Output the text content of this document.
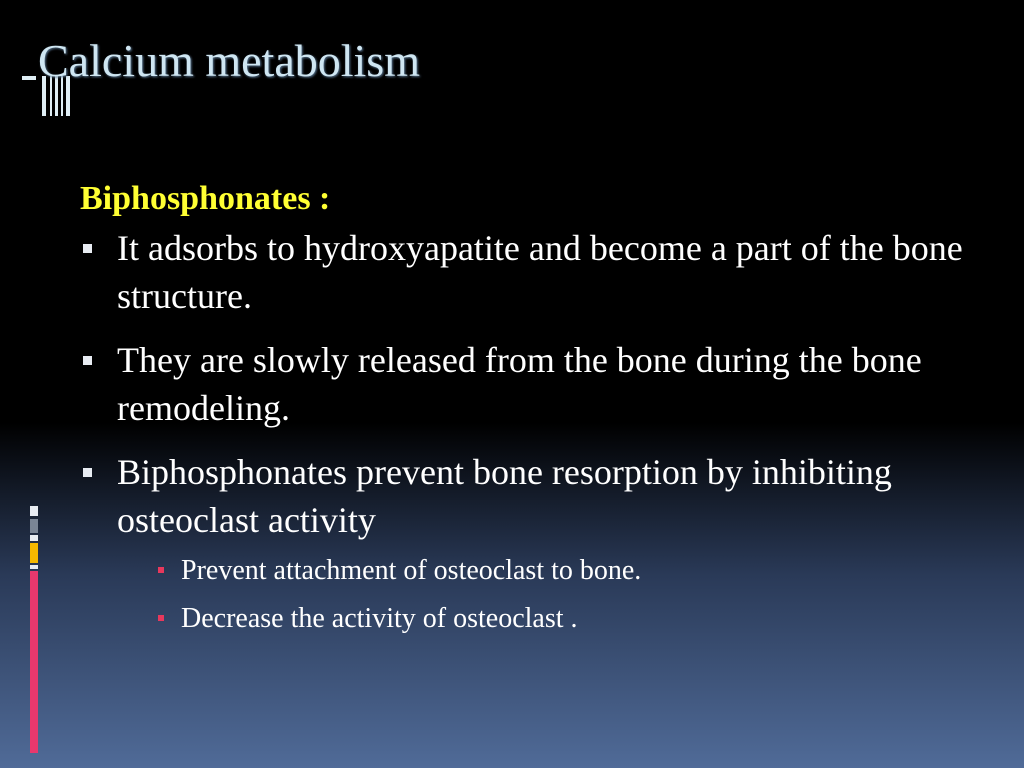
Calcium metabolism

Biphosphonates :

It adsorbs to hydroxyapatite and become a part of the bone structure.
They are slowly released from the bone during the bone remodeling.
Biphosphonates prevent bone resorption by inhibiting osteoclast activity
Prevent attachment of osteoclast to bone.
Decrease the activity of osteoclast .
